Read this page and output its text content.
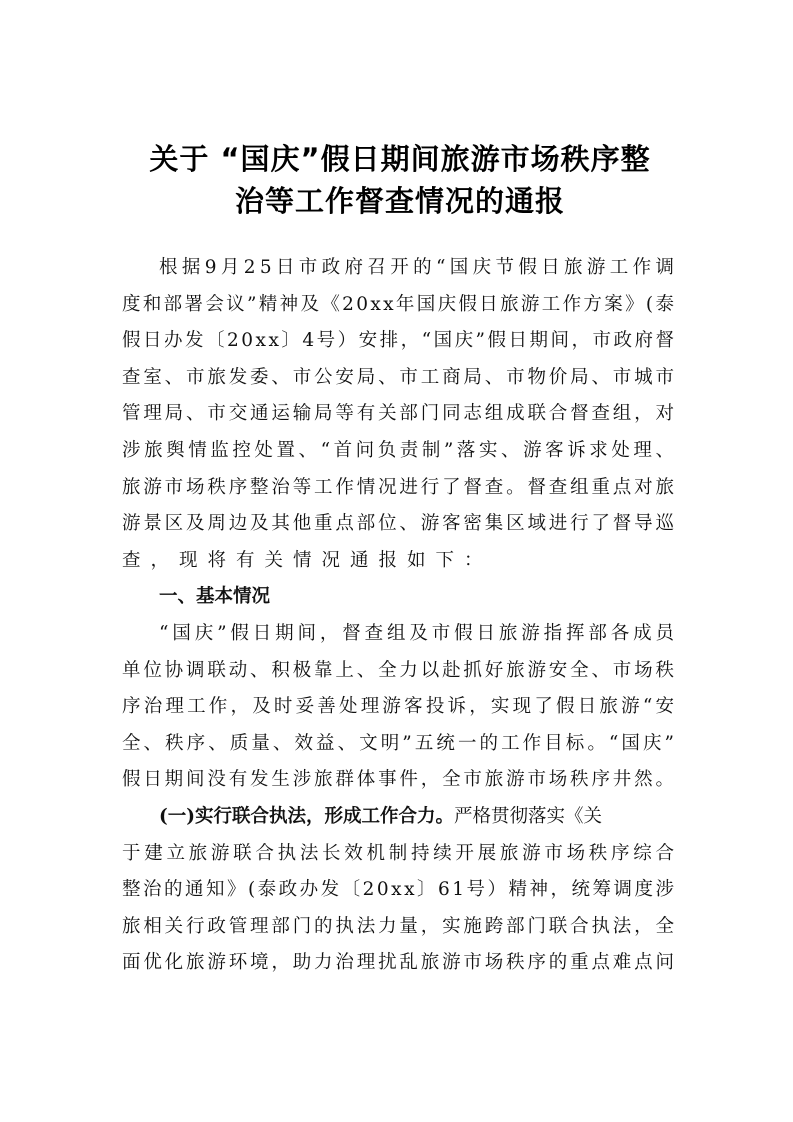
关于 “国庆”假日期间旅游市场秩序整
治等工作督查情况的通报
根据9月25日市政府召开的“国庆节假日旅游工作调
度和部署会议”精神及《20xx年国庆假日旅游工作方案》(泰
假日办发〔20xx〕4号）安排，“国庆”假日期间，市政府督
查室、市旅发委、市公安局、市工商局、市物价局、市城市
管理局、市交通运输局等有关部门同志组成联合督查组，对
涉旅舆情监控处置、“首问负责制”落实、游客诉求处理、
旅游市场秩序整治等工作情况进行了督查。督查组重点对旅
游景区及周边及其他重点部位、游客密集区域进行了督导巡
查，现将有关情况通报如下：
一、基本情况
“国庆”假日期间，督查组及市假日旅游指挥部各成员
单位协调联动、积极靠上、全力以赴抓好旅游安全、市场秩
序治理工作，及时妥善处理游客投诉，实现了假日旅游“安
全、秩序、质量、效益、文明”五统一的工作目标。“国庆”
假日期间没有发生涉旅群体事件，全市旅游市场秩序井然。
(一)实行联合执法，形成工作合力。 严格贯彻落实《关
于建立旅游联合执法长效机制持续开展旅游市场秩序综合
整治的通知》(泰政办发〔20xx〕61号）精神，统筹调度涉
旅相关行政管理部门的执法力量，实施跨部门联合执法，全
面优化旅游环境，助力治理扰乱旅游市场秩序的重点难点问
